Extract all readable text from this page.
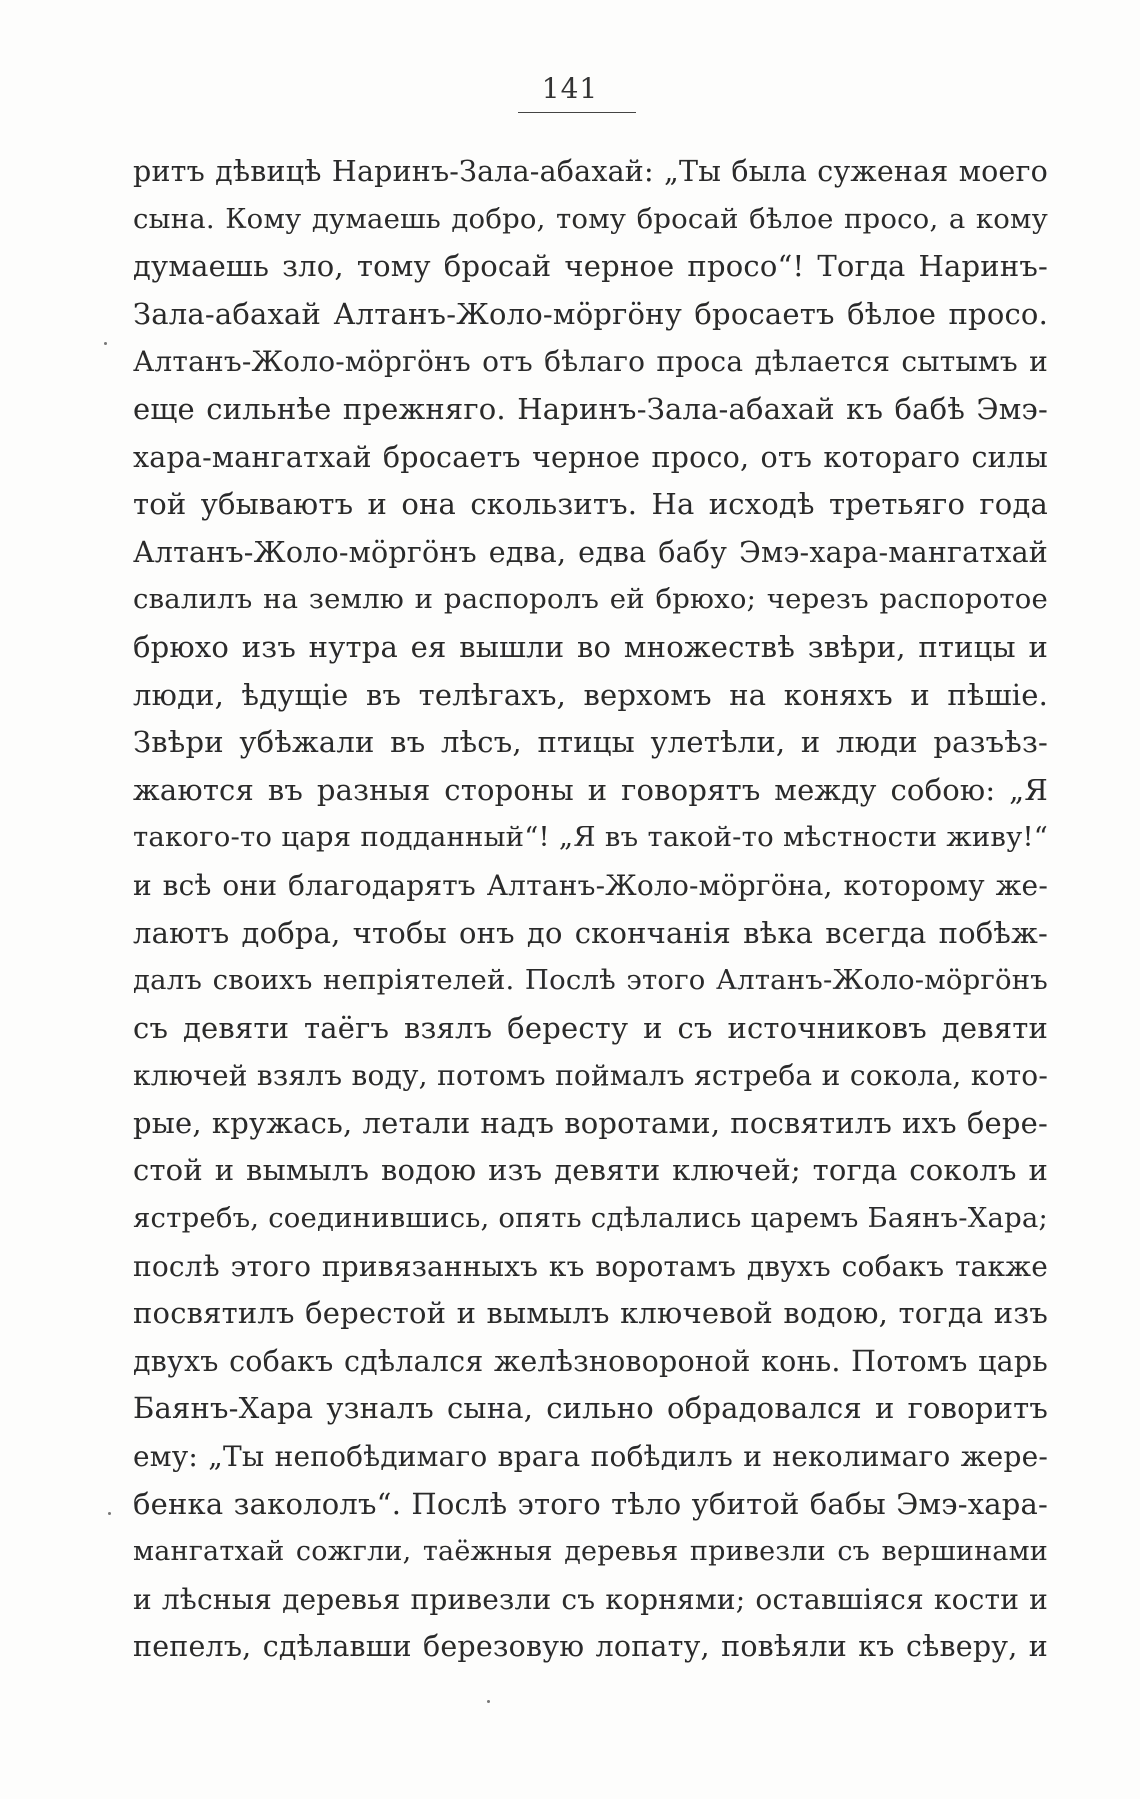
141
ритъ дѣвицѣ Наринъ-Зала-абахай: „Ты была суженая моего
сына. Кому думаешь добро, тому бросай бѣлое просо, а кому
думаешь зло, тому бросай черное просо“! Тогда Наринъ-
Зала-абахай Алтанъ-Жоло-мӧргӧну бросаетъ бѣлое просо.
Алтанъ-Жоло-мӧргӧнъ отъ бѣлаго проса дѣлается сытымъ и
еще сильнѣе прежняго. Наринъ-Зала-абахай къ бабѣ Эмэ-
хара-мангатхай бросаетъ черное просо, отъ котораго силы
той убываютъ и она скользитъ. На исходѣ третьяго года
Алтанъ-Жоло-мӧргӧнъ едва, едва бабу Эмэ-хара-мангатхай
свалилъ на землю и распоролъ ей брюхо; черезъ распоротое
брюхо изъ нутра ея вышли во множествѣ звѣри, птицы и
люди, ѣдущіе въ телѣгахъ, верхомъ на коняхъ и пѣшіе.
Звѣри убѣжали въ лѣсъ, птицы улетѣли, и люди разъѣз-
жаются въ разныя стороны и говорятъ между собою: „Я
такого-то царя подданный“! „Я въ такой-то мѣстности живу!“
и всѣ они благодарятъ Алтанъ-Жоло-мӧргӧна, которому же-
лаютъ добра, чтобы онъ до скончанія вѣка всегда побѣж-
далъ своихъ непріятелей. Послѣ этого Алтанъ-Жоло-мӧргӧнъ
съ девяти таёгъ взялъ бересту и съ источниковъ девяти
ключей взялъ воду, потомъ поймалъ ястреба и сокола, кото-
рые, кружась, летали надъ воротами, посвятилъ ихъ бере-
стой и вымылъ водою изъ девяти ключей; тогда соколъ и
ястребъ, соединившись, опять сдѣлались царемъ Баянъ-Хара;
послѣ этого привязанныхъ къ воротамъ двухъ собакъ также
посвятилъ берестой и вымылъ ключевой водою, тогда изъ
двухъ собакъ сдѣлался желѣзновороной конь. Потомъ царь
Баянъ-Хара узналъ сына, сильно обрадовался и говоритъ
ему: „Ты непобѣдимаго врага побѣдилъ и неколимаго жере-
бенка закололъ“. Послѣ этого тѣло убитой бабы Эмэ-хара-
мангатхай сожгли, таёжныя деревья привезли съ вершинами
и лѣсныя деревья привезли съ корнями; оставшіяся кости и
пепелъ, сдѣлавши березовую лопату, повѣяли къ сѣверу, и
